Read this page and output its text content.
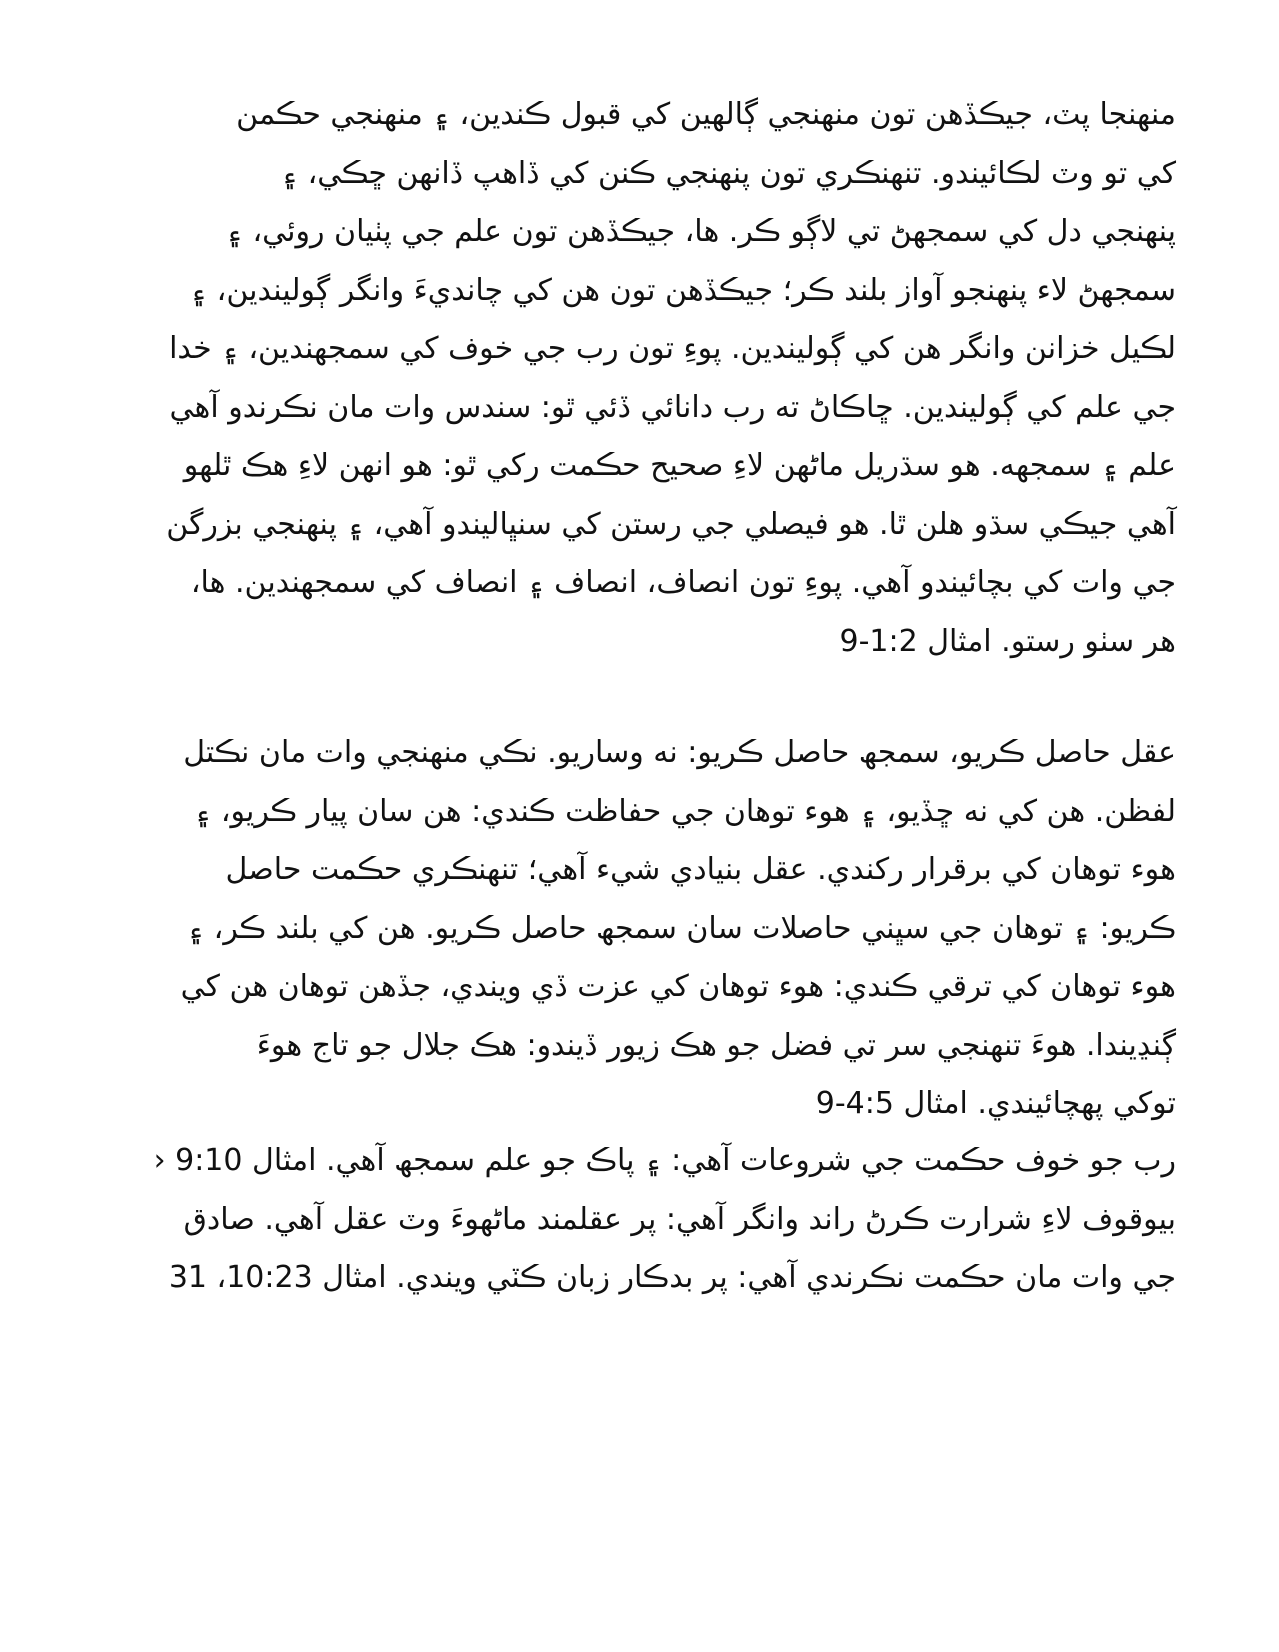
منهنجا پٽ، جيڪڏهن تون منهنجي ڳالهين کي قبول ڪندين، ۽ منهنجي حڪمن
کي تو وٽ لڪائيندو. تنهنڪري تون پنهنجي ڪنن کي ڏاهپ ڏانهن ڇڪي، ۽
پنهنجي دل کي سمجهڻ تي لاڳو ڪر. ها، جيڪڏهن تون علم جي پٺيان روئي، ۽
سمجهڻ لاء پنهنجو آواز بلند ڪر؛ جيڪڏهن تون هن کي چانديءَ وانگر ڳوليندين، ۽
لڪيل خزانن وانگر هن کي ڳوليندين. پوءِ تون رب جي خوف کي سمجهندين، ۽ خدا
جي علم کي ڳوليندين. ڇاڪاڻ ته رب دانائي ڏئي ٿو: سندس وات مان نڪرندو آهي
علم ۽ سمجهه. هو سڌريل ماڻهن لاءِ صحيح حڪمت رکي ٿو: هو انهن لاءِ هڪ ٿلهو
آهي جيڪي سڌو هلن ٿا. هو فيصلي جي رستن کي سنڀاليندو آهي، ۽ پنهنجي بزرگن
جي وات کي بچائيندو آهي. پوءِ تون انصاف، انصاف ۽ انصاف کي سمجهندين. ها،
هر سٺو رستو. امثال 1:2-9
عقل حاصل ڪريو، سمجھ حاصل ڪريو: نه وساريو. نڪي منهنجي وات مان نڪتل
لفظن. هن کي نه ڇڏيو، ۽ هوء توهان جي حفاظت ڪندي: هن سان پيار ڪريو، ۽
هوء توهان کي برقرار رکندي. عقل بنيادي شيء آهي؛ تنهنڪري حڪمت حاصل
ڪريو: ۽ توهان جي سڀني حاصلات سان سمجھ حاصل ڪريو. هن کي بلند ڪر، ۽
هوء توهان کي ترقي ڪندي: هوء توهان کي عزت ڏي ويندي، جڏهن توهان هن کي
ڳنڍيندا. هوءَ تنهنجي سر تي فضل جو هڪ زيور ڏيندو: هڪ جلال جو تاج هوءَ
توکي پهچائيندي. امثال 4:5-9
رب جو خوف حڪمت جي شروعات آهي: ۽ پاڪ جو علم سمجھ آهي. امثال 9:10 ‹
بيوقوف لاءِ شرارت ڪرڻ راند وانگر آهي: پر عقلمند ماڻهوءَ وٽ عقل آهي. صادق
جي وات مان حڪمت نڪرندي آهي: پر بدڪار زبان ڪٽي ويندي. امثال 10:23، 31
